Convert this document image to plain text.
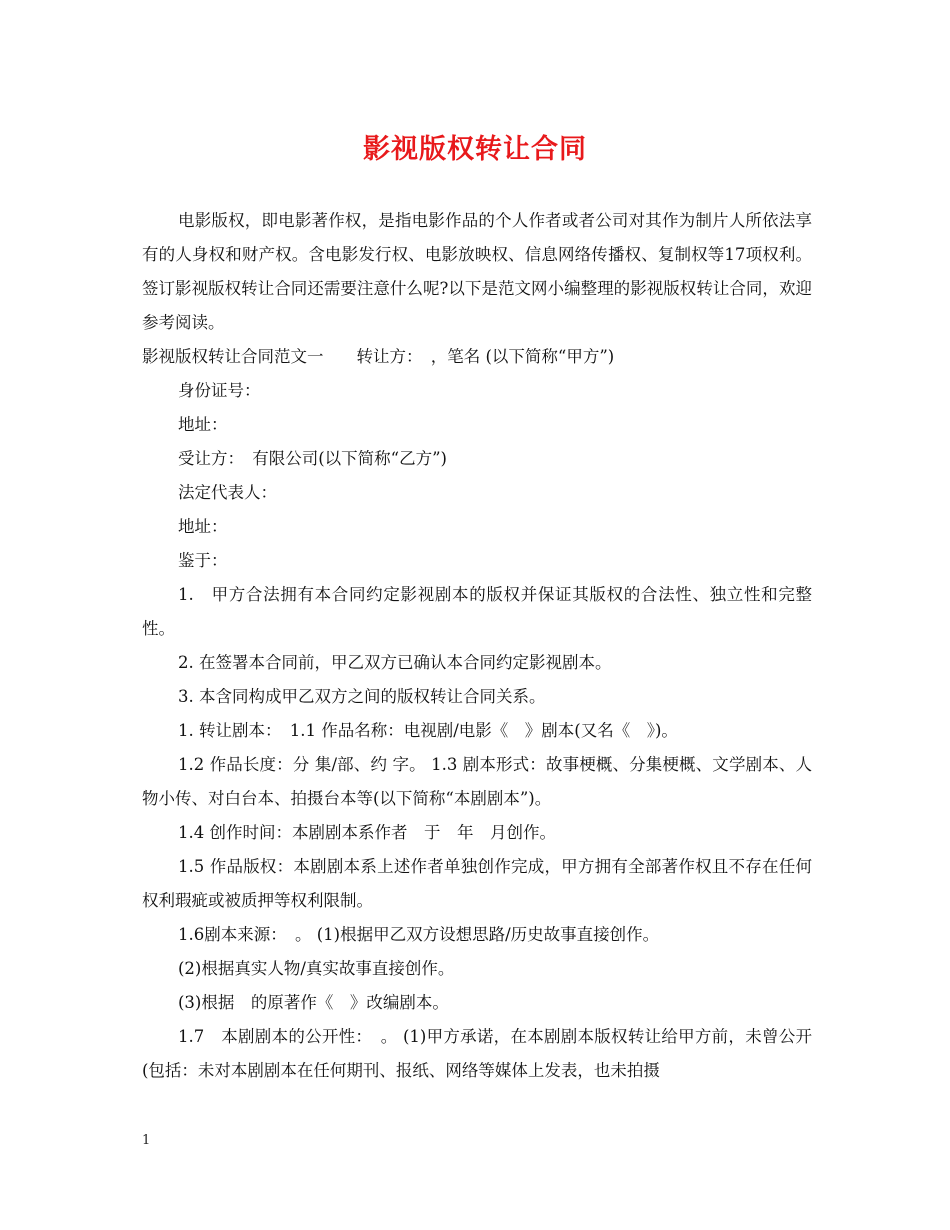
影视版权转让合同

电影版权，即电影著作权，是指电影作品的个人作者或者公司对其作为制片人所依法享有的人身权和财产权。含电影发行权、电影放映权、信息网络传播权、复制权等17项权利。签订影视版权转让合同还需要注意什么呢?以下是范文网小编整理的影视版权转让合同，欢迎参考阅读。

影视版权转让合同范文一　　转让方：　，笔名 (以下简称“甲方”)

身份证号：

地址：

受让方：　有限公司(以下简称“乙方”)

法定代表人：

地址：

鉴于：

1.　甲方合法拥有本合同约定影视剧本的版权并保证其版权的合法性、独立性和完整性。

2. 在签署本合同前，甲乙双方已确认本合同约定影视剧本。

3. 本含同构成甲乙双方之间的版权转让合同关系。

1. 转让剧本：　1.1 作品名称：电视剧/电影《　》剧本(又名《　》)。

1.2 作品长度：分 集/部、约 字。 1.3 剧本形式：故事梗概、分集梗概、文学剧本、人物小传、对白台本、拍摄台本等(以下简称“本剧剧本”)。

1.4 创作时间：本剧剧本系作者　于　年　月创作。

1.5 作品版权：本剧剧本系上述作者单独创作完成，甲方拥有全部著作权且不存在任何权利瑕疵或被质押等权利限制。

1.6剧本来源：　。 (1)根据甲乙双方设想思路/历史故事直接创作。

(2)根据真实人物/真实故事直接创作。

(3)根据　的原著作《　》改编剧本。

1.7　本剧剧本的公开性：　。 (1)甲方承诺，在本剧剧本版权转让给甲方前，未曾公开(包括：未对本剧剧本在任何期刊、报纸、网络等媒体上发表，也未拍摄

1
